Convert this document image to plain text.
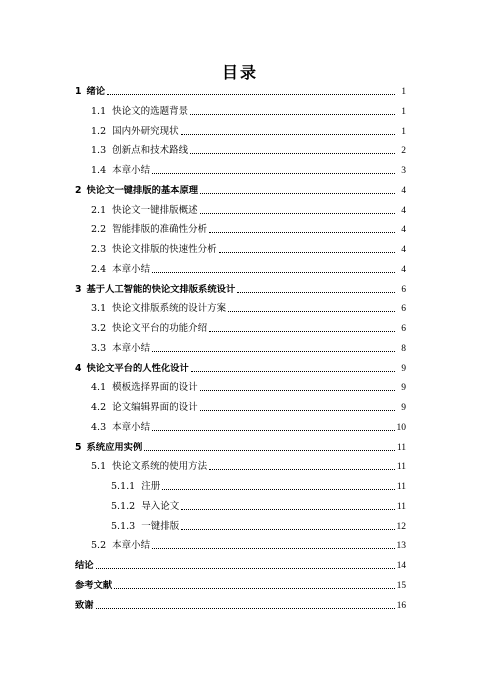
目录
1 绪论	1
1.1 快论文的选题背景	1
1.2 国内外研究现状	1
1.3 创新点和技术路线	2
1.4 本章小结	3
2 快论文一键排版的基本原理	4
2.1 快论文一键排版概述	4
2.2 智能排版的准确性分析	4
2.3 快论文排版的快速性分析	4
2.4 本章小结	4
3 基于人工智能的快论文排版系统设计	6
3.1 快论文排版系统的设计方案	6
3.2 快论文平台的功能介绍	6
3.3 本章小结	8
4 快论文平台的人性化设计	9
4.1 模板选择界面的设计	9
4.2 论文编辑界面的设计	9
4.3 本章小结	10
5 系统应用实例	11
5.1 快论文系统的使用方法	11
5.1.1 注册	11
5.1.2 导入论文	11
5.1.3 一键排版	12
5.2 本章小结	13
结论	14
参考文献	15
致谢	16
